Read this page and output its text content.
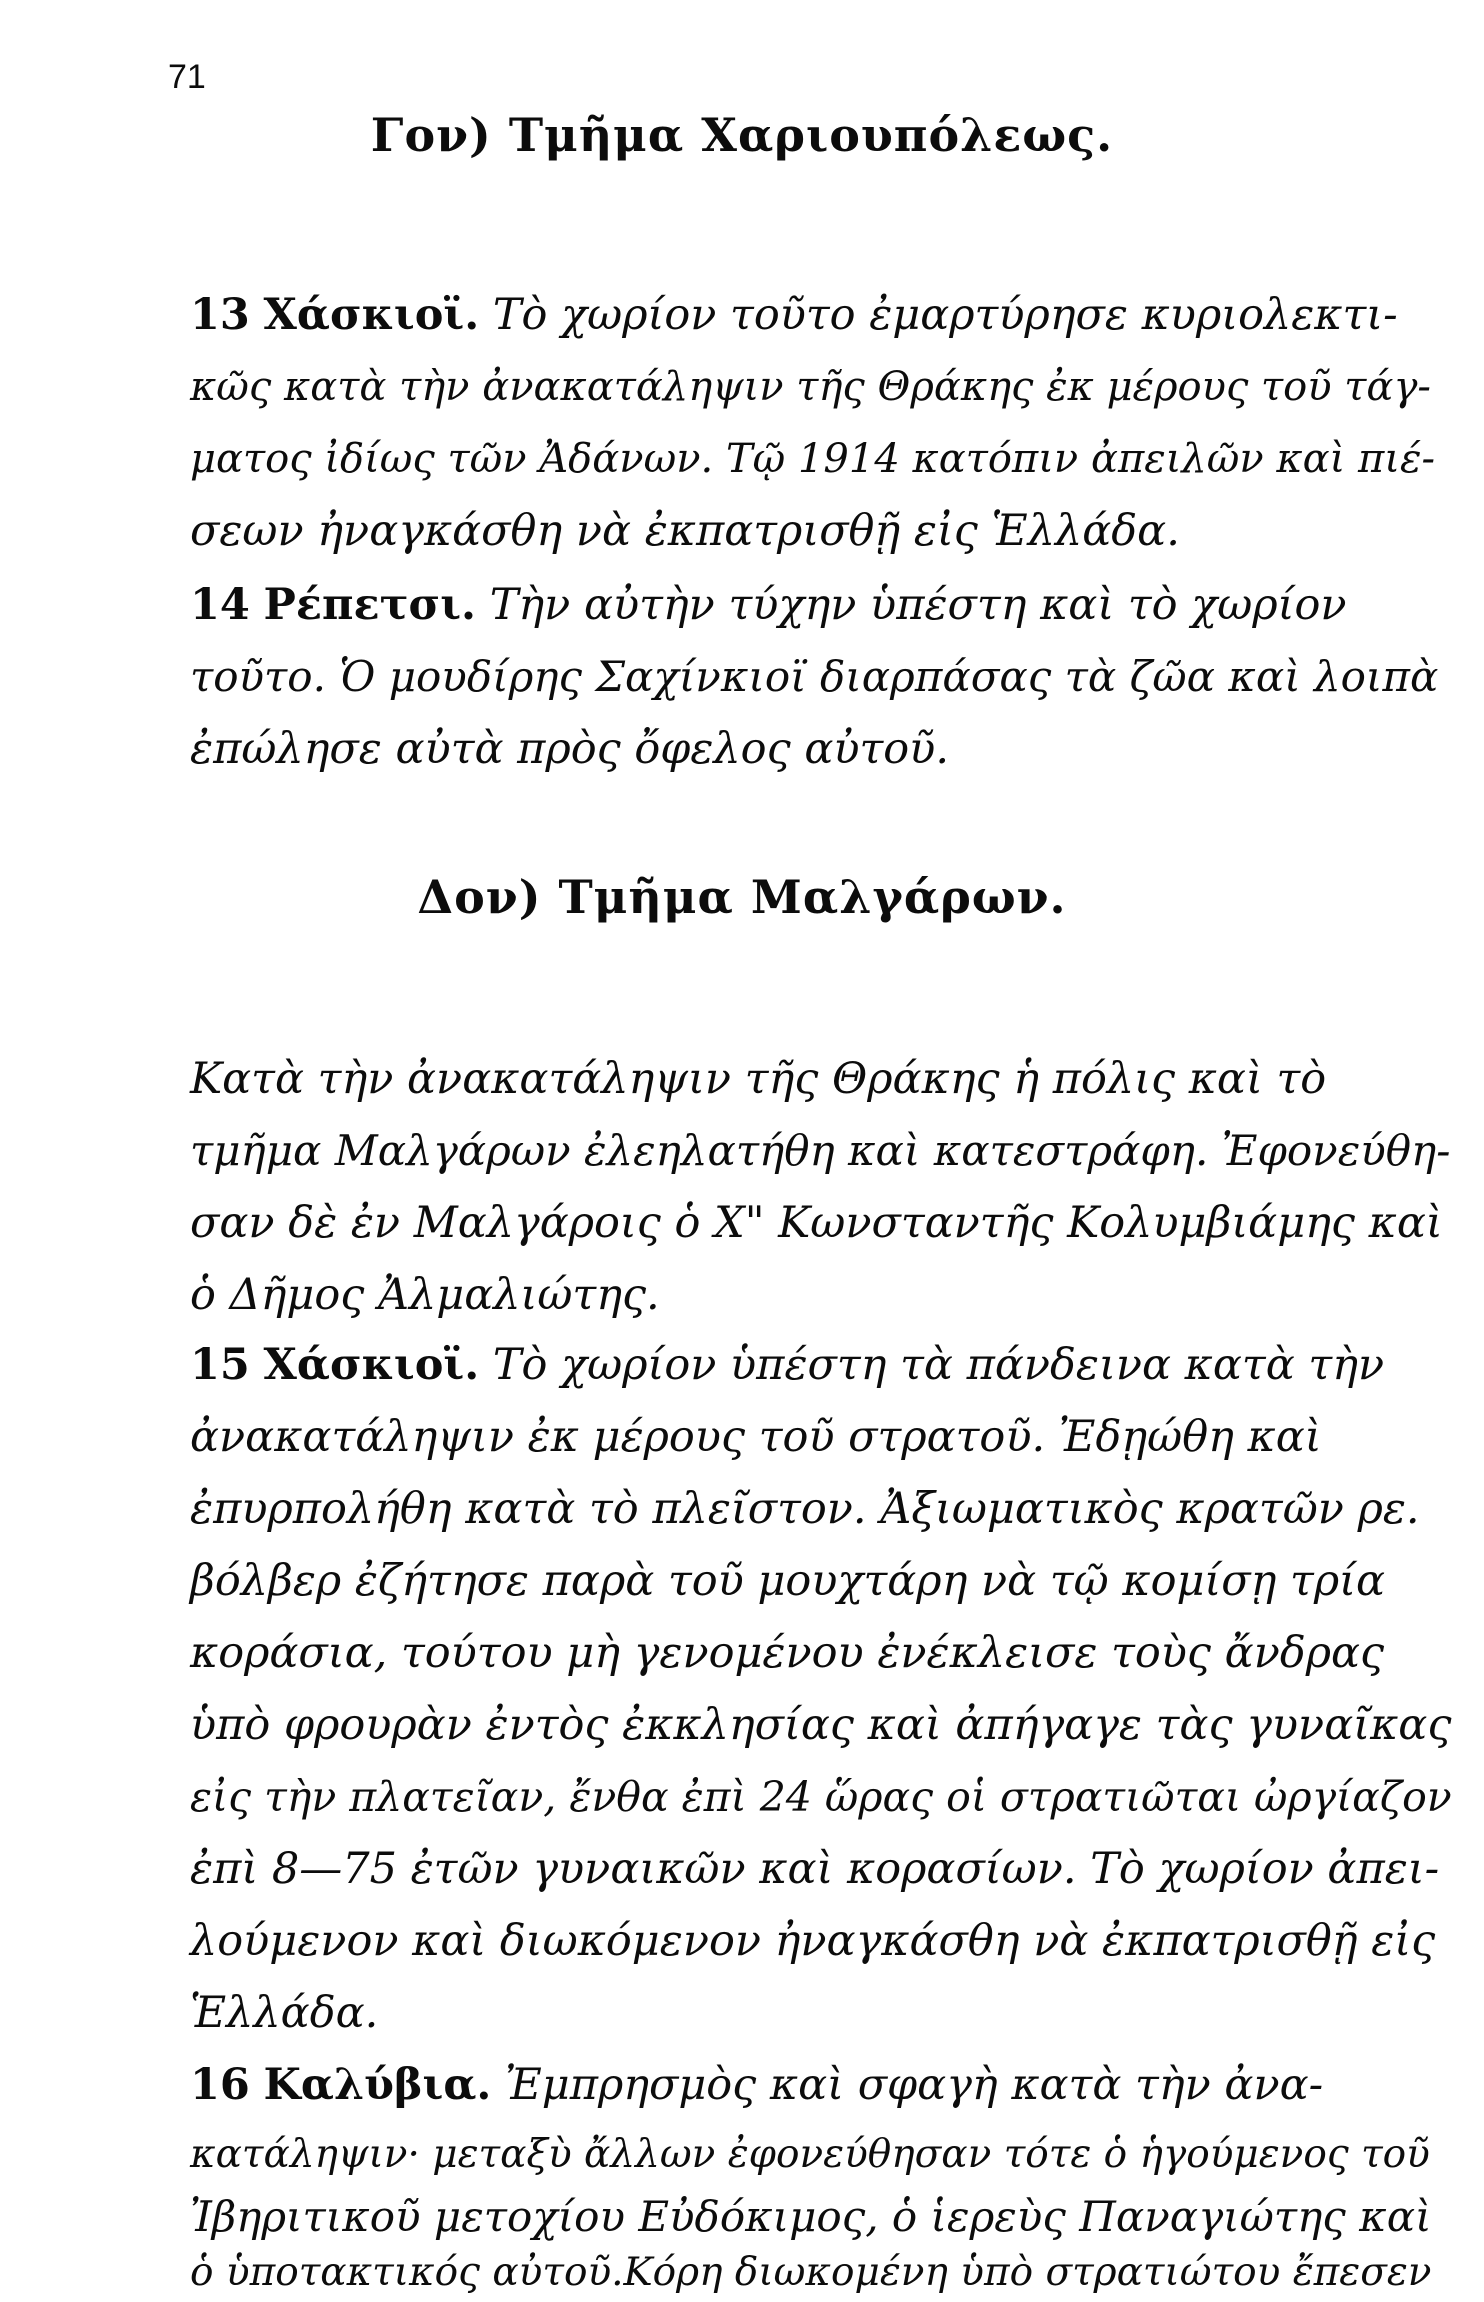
71
Γον) Τμῆμα Χαριουπόλεως.
13 Χάσκιοϊ. Τὸ χωρίον τοῦτο ἐμαρτύρησε κυριολεκτι-
κῶς κατὰ τὴν ἀνακατάληψιν τῆς Θράκης ἐκ μέρους τοῦ τάγ-
ματος ἰδίως τῶν Ἀδάνων. Τῷ 1914 κατόπιν ἀπειλῶν καὶ πιέ-
σεων ἠναγκάσθη νὰ ἐκπατρισθῇ εἰς Ἑλλάδα.
14 Ρέπετσι. Τὴν αὐτὴν τύχην ὑπέστη καὶ τὸ χωρίον
τοῦτο. Ὁ μουδίρης Σαχίνκιοϊ διαρπάσας τὰ ζῶα καὶ λοιπὰ
ἐπώλησε αὐτὰ πρὸς ὄφελος αὐτοῦ.
Δον) Τμῆμα Μαλγάρων.
Κατὰ τὴν ἀνακατάληψιν τῆς Θράκης ἡ πόλις καὶ τὸ
τμῆμα Μαλγάρων ἐλεηλατήθη καὶ κατεστράφη. Ἐφονεύθη-
σαν δὲ ἐν Μαλγάροις ὁ Χ" Κωνσταντῆς Κολυμβιάμης καὶ
ὁ Δῆμος Ἀλμαλιώτης.
15 Χάσκιοϊ. Τὸ χωρίον ὑπέστη τὰ πάνδεινα κατὰ τὴν
ἀνακατάληψιν ἐκ μέρους τοῦ στρατοῦ. Ἐδῃώθη καὶ
ἐπυρπολήθη κατὰ τὸ πλεῖστον. Ἀξιωματικὸς κρατῶν ρε.
βόλβερ ἐζήτησε παρὰ τοῦ μουχτάρη νὰ τῷ κομίσῃ τρία
κοράσια, τούτου μὴ γενομένου ἐνέκλεισε τοὺς ἄνδρας
ὑπὸ φρουρὰν ἐντὸς ἐκκλησίας καὶ ἀπήγαγε τὰς γυναῖκας
εἰς τὴν πλατεῖαν, ἔνθα ἐπὶ 24 ὥρας οἱ στρατιῶται ὠργίαζον
ἐπὶ 8—75 ἐτῶν γυναικῶν καὶ κορασίων. Τὸ χωρίον ἀπει-
λούμενον καὶ διωκόμενον ἠναγκάσθη νὰ ἐκπατρισθῇ εἰς
Ἑλλάδα.
16 Καλύβια. Ἐμπρησμὸς καὶ σφαγὴ κατὰ τὴν ἀνα-
κατάληψιν· μεταξὺ ἄλλων ἐφονεύθησαν τότε ὁ ἡγούμενος τοῦ
Ἰβηριτικοῦ μετοχίου Εὐδόκιμος, ὁ ἱερεὺς Παναγιώτης καὶ
ὁ ὑποτακτικός αὐτοῦ.Κόρη διωκομένη ὑπὸ στρατιώτου ἔπεσεν
